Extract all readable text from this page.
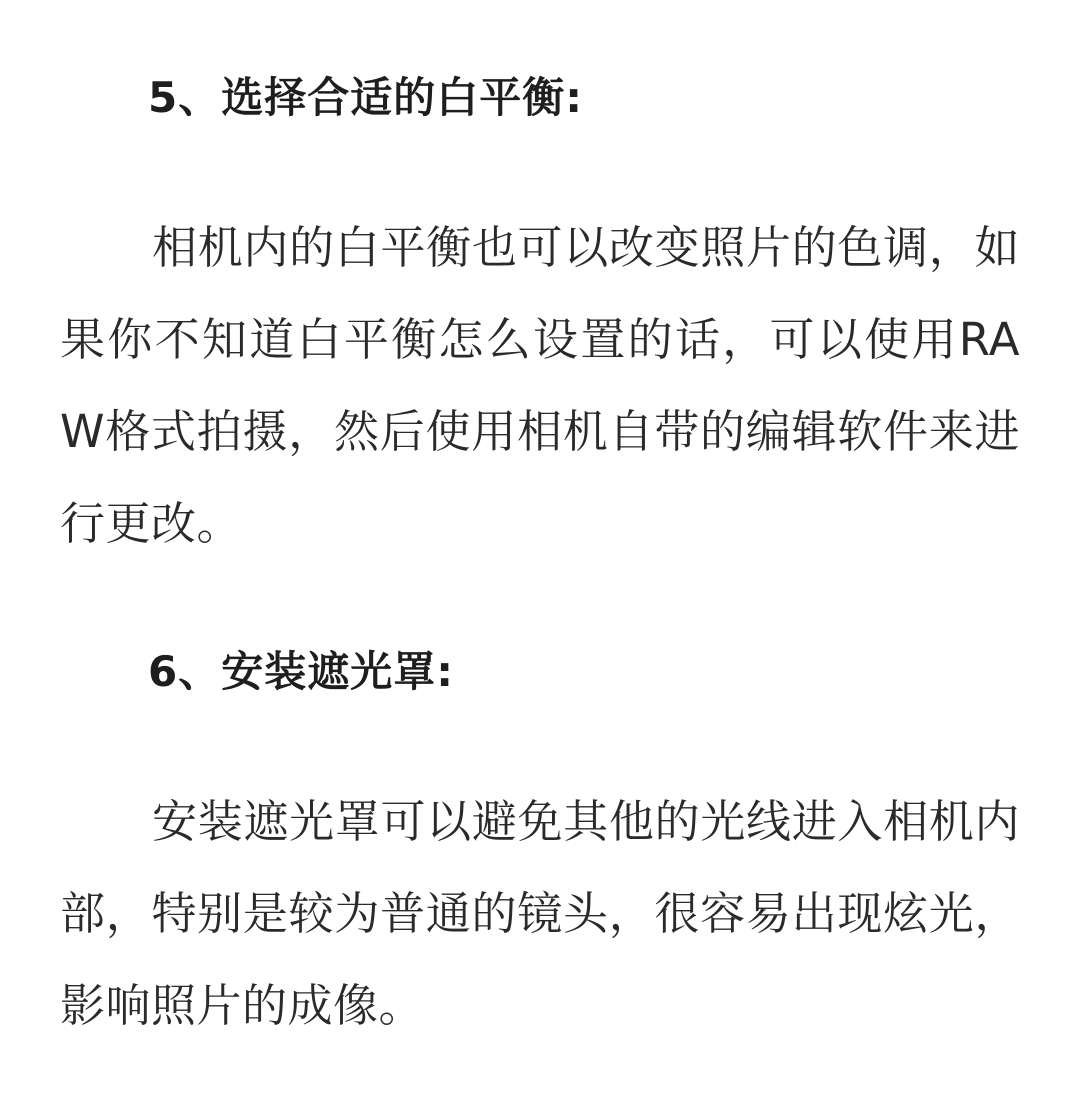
5、选择合适的白平衡:

相机内的白平衡也可以改变照片的色调，如果你不知道白平衡怎么设置的话，可以使用RAW格式拍摄，然后使用相机自带的编辑软件来进行更改。

6、安装遮光罩:

安装遮光罩可以避免其他的光线进入相机内部，特别是较为普通的镜头，很容易出现炫光，影响照片的成像。
